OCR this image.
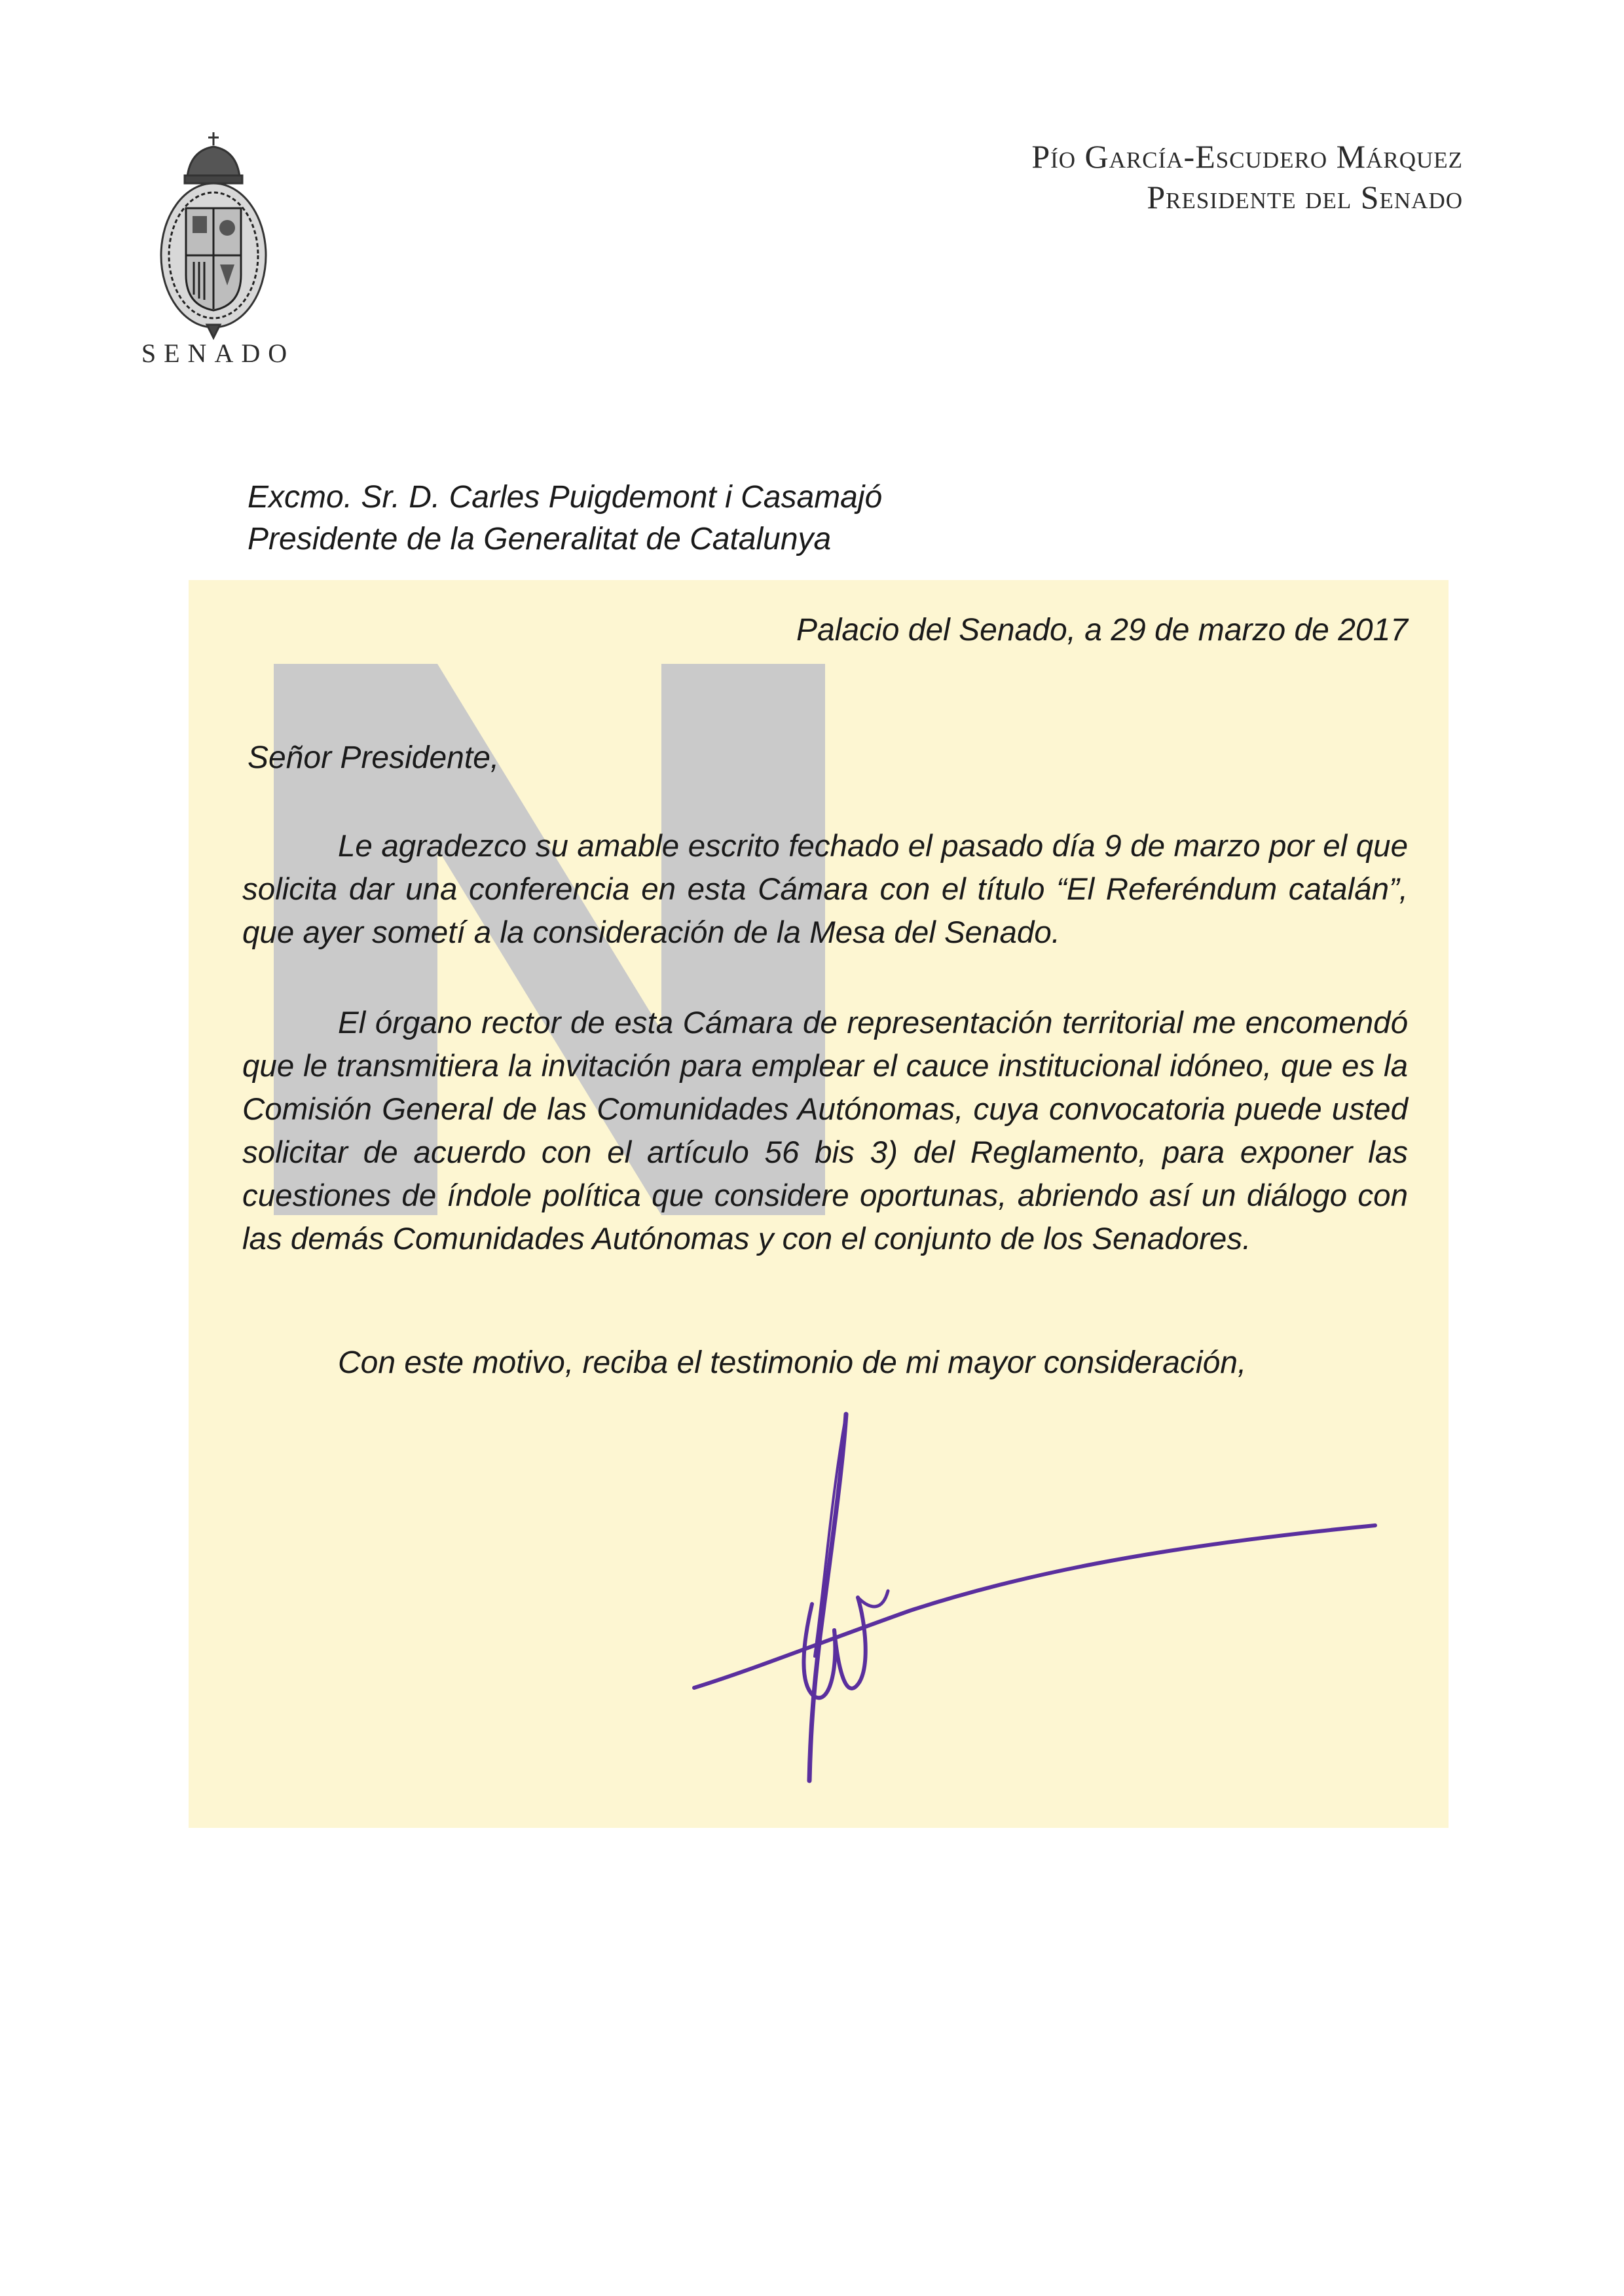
SENADO
Pío García-Escudero Márquez
Presidente del Senado
Excmo. Sr. D. Carles Puigdemont i Casamajó
Presidente de la Generalitat de Catalunya
Palacio del Senado, a 29 de marzo de 2017
Señor Presidente,
Le agradezco su amable escrito fechado el pasado día 9 de marzo por el que solicita dar una conferencia en esta Cámara con el título “El Referéndum catalán”, que ayer sometí a la consideración de la Mesa del Senado.
El órgano rector de esta Cámara de representación territorial me encomendó que le transmitiera la invitación para emplear el cauce institucional idóneo, que es la Comisión General de las Comunidades Autónomas, cuya convocatoria puede usted solicitar de acuerdo con el artículo 56 bis 3) del Reglamento, para exponer las cuestiones de índole política que considere oportunas, abriendo así un diálogo con las demás Comunidades Autónomas y con el conjunto de los Senadores.
Con este motivo, reciba el testimonio de mi mayor consideración,
